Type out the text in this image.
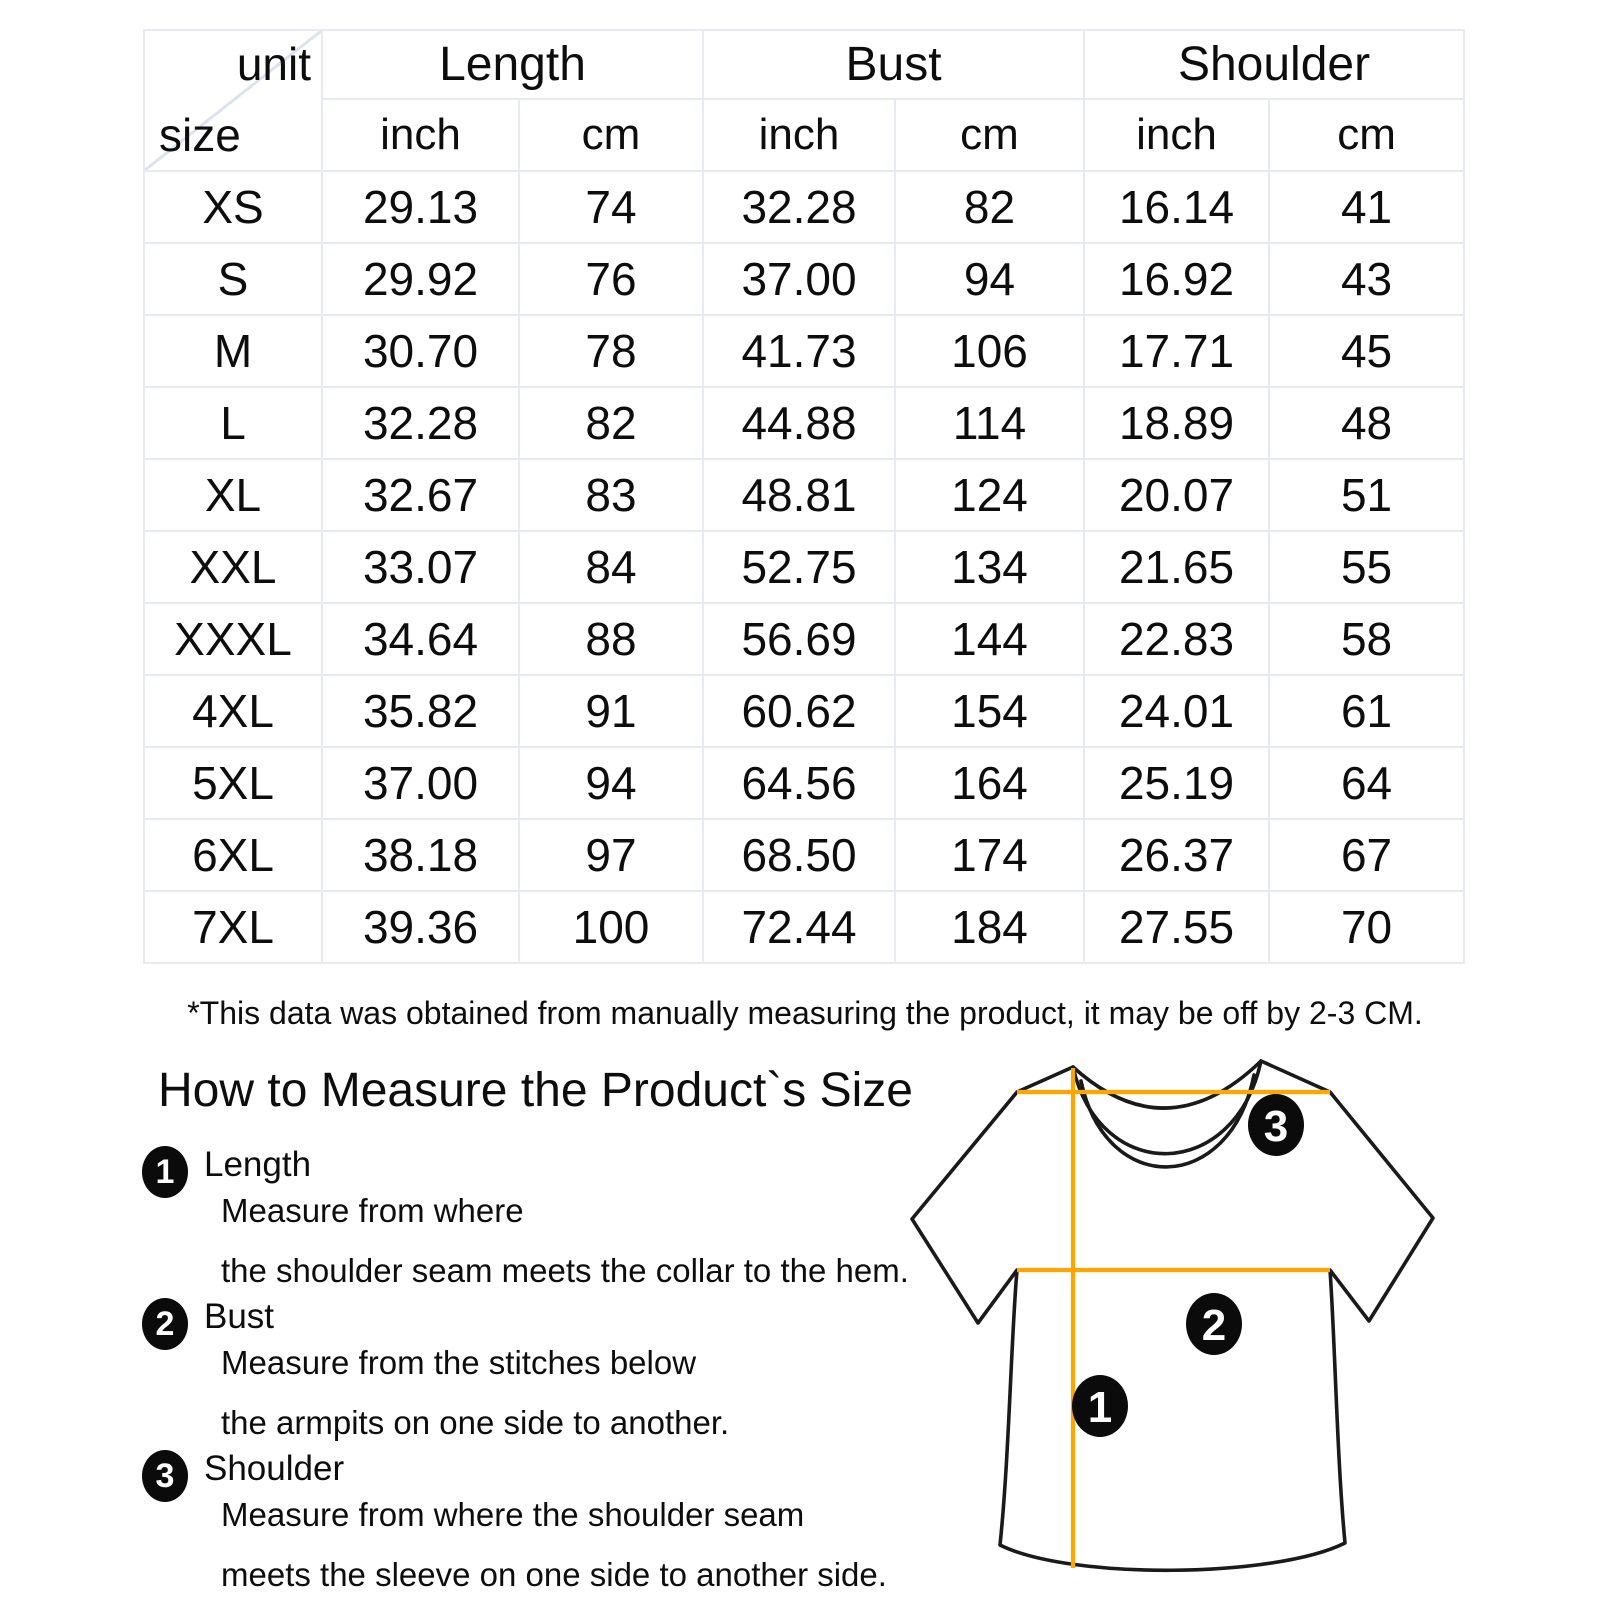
unit
size	Length		Bust		Shoulder	
	inch	cm	inch	cm	inch	cm
XS	29.13	74	32.28	82	16.14	41
S	29.92	76	37.00	94	16.92	43
M	30.70	78	41.73	106	17.71	45
L	32.28	82	44.88	114	18.89	48
XL	32.67	83	48.81	124	20.07	51
XXL	33.07	84	52.75	134	21.65	55
XXXL	34.64	88	56.69	144	22.83	58
4XL	35.82	91	60.62	154	24.01	61
5XL	37.00	94	64.56	164	25.19	64
6XL	38.18	97	68.50	174	26.37	67
7XL	39.36	100	72.44	184	27.55	70
*This data was obtained from manually measuring the product, it may be off by 2-3 CM.
How to Measure the Product`s Size
1 Length
Measure from where
the shoulder seam meets the collar to the hem.
2 Bust
Measure from the stitches below
the armpits on one side to another.
3 Shoulder
Measure from where the shoulder seam
meets the sleeve on one side to another side.
3
2
1
